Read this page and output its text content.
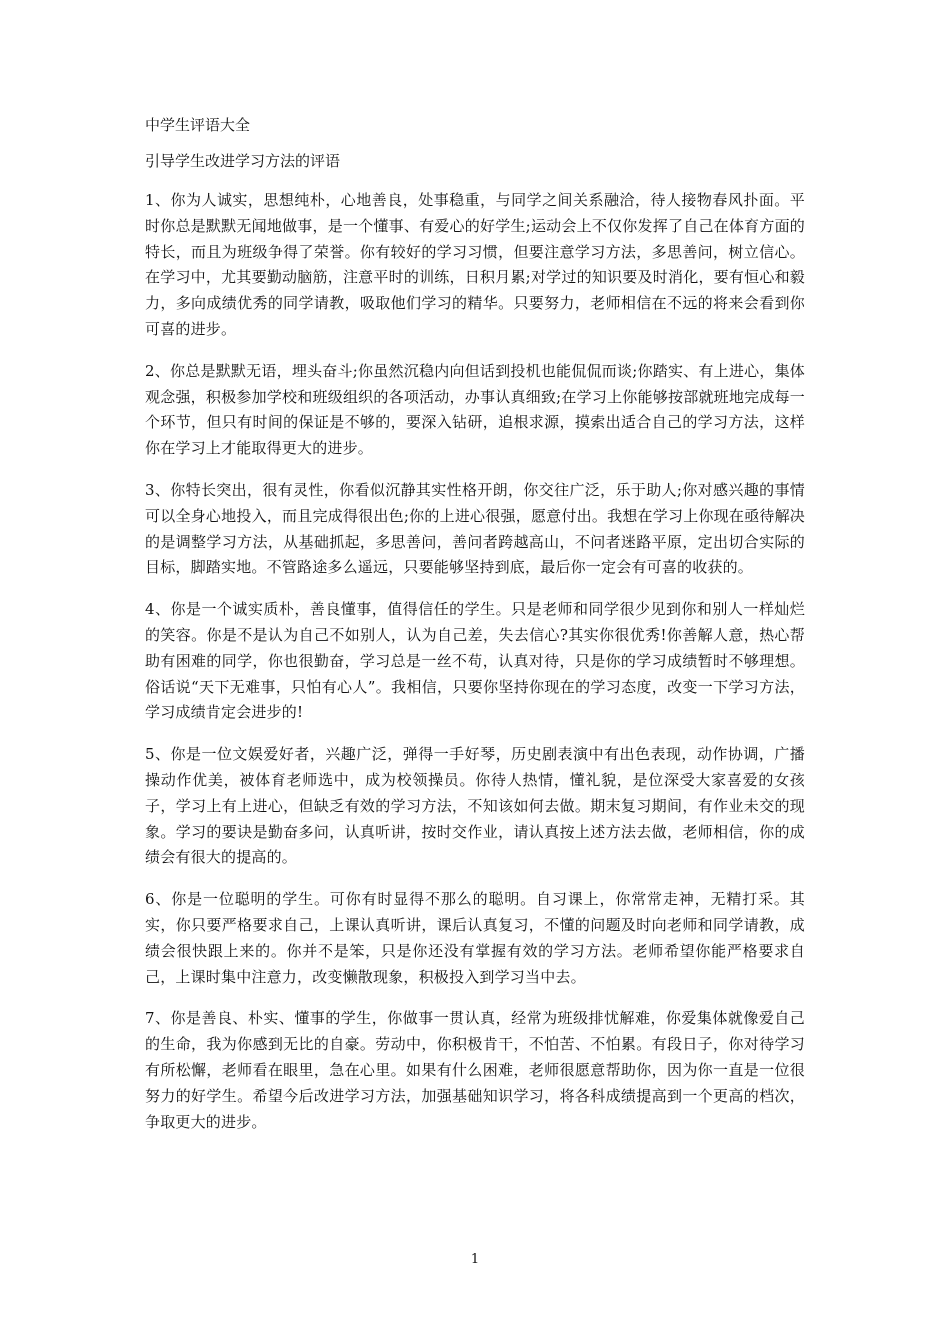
中学生评语大全
引导学生改进学习方法的评语

1、你为人诚实，思想纯朴，心地善良，处事稳重，与同学之间关系融洽，待人接物春风扑面。平时你总是默默无闻地做事，是一个懂事、有爱心的好学生;运动会上不仅你发挥了自己在体育方面的特长，而且为班级争得了荣誉。你有较好的学习习惯，但要注意学习方法，多思善问，树立信心。在学习中，尤其要勤动脑筋，注意平时的训练，日积月累;对学过的知识要及时消化，要有恒心和毅力，多向成绩优秀的同学请教，吸取他们学习的精华。只要努力，老师相信在不远的将来会看到你可喜的进步。

2、你总是默默无语，埋头奋斗;你虽然沉稳内向但话到投机也能侃侃而谈;你踏实、有上进心，集体观念强，积极参加学校和班级组织的各项活动，办事认真细致;在学习上你能够按部就班地完成每一个环节，但只有时间的保证是不够的，要深入钻研，追根求源，摸索出适合自己的学习方法，这样你在学习上才能取得更大的进步。

3、你特长突出，很有灵性，你看似沉静其实性格开朗，你交往广泛，乐于助人;你对感兴趣的事情可以全身心地投入，而且完成得很出色;你的上进心很强，愿意付出。我想在学习上你现在亟待解决的是调整学习方法，从基础抓起，多思善问，善问者跨越高山，不问者迷路平原，定出切合实际的目标，脚踏实地。不管路途多么遥远，只要能够坚持到底，最后你一定会有可喜的收获的。

4、你是一个诚实质朴，善良懂事，值得信任的学生。只是老师和同学很少见到你和别人一样灿烂的笑容。你是不是认为自己不如别人，认为自己差，失去信心?其实你很优秀!你善解人意，热心帮助有困难的同学，你也很勤奋，学习总是一丝不苟，认真对待，只是你的学习成绩暂时不够理想。俗话说“天下无难事，只怕有心人”。我相信，只要你坚持你现在的学习态度，改变一下学习方法，学习成绩肯定会进步的!

5、你是一位文娱爱好者，兴趣广泛，弹得一手好琴，历史剧表演中有出色表现，动作协调，广播操动作优美，被体育老师选中，成为校领操员。你待人热情，懂礼貌，是位深受大家喜爱的女孩子，学习上有上进心，但缺乏有效的学习方法，不知该如何去做。期末复习期间，有作业未交的现象。学习的要诀是勤奋多问，认真听讲，按时交作业，请认真按上述方法去做，老师相信，你的成绩会有很大的提高的。

6、你是一位聪明的学生。可你有时显得不那么的聪明。自习课上，你常常走神，无精打采。其实，你只要严格要求自己，上课认真听讲，课后认真复习，不懂的问题及时向老师和同学请教，成绩会很快跟上来的。你并不是笨，只是你还没有掌握有效的学习方法。老师希望你能严格要求自己，上课时集中注意力，改变懒散现象，积极投入到学习当中去。

7、你是善良、朴实、懂事的学生，你做事一贯认真，经常为班级排忧解难，你爱集体就像爱自己的生命，我为你感到无比的自豪。劳动中，你积极肯干，不怕苦、不怕累。有段日子，你对待学习有所松懈，老师看在眼里，急在心里。如果有什么困难，老师很愿意帮助你，因为你一直是一位很努力的好学生。希望今后改进学习方法，加强基础知识学习，将各科成绩提高到一个更高的档次，争取更大的进步。

1
